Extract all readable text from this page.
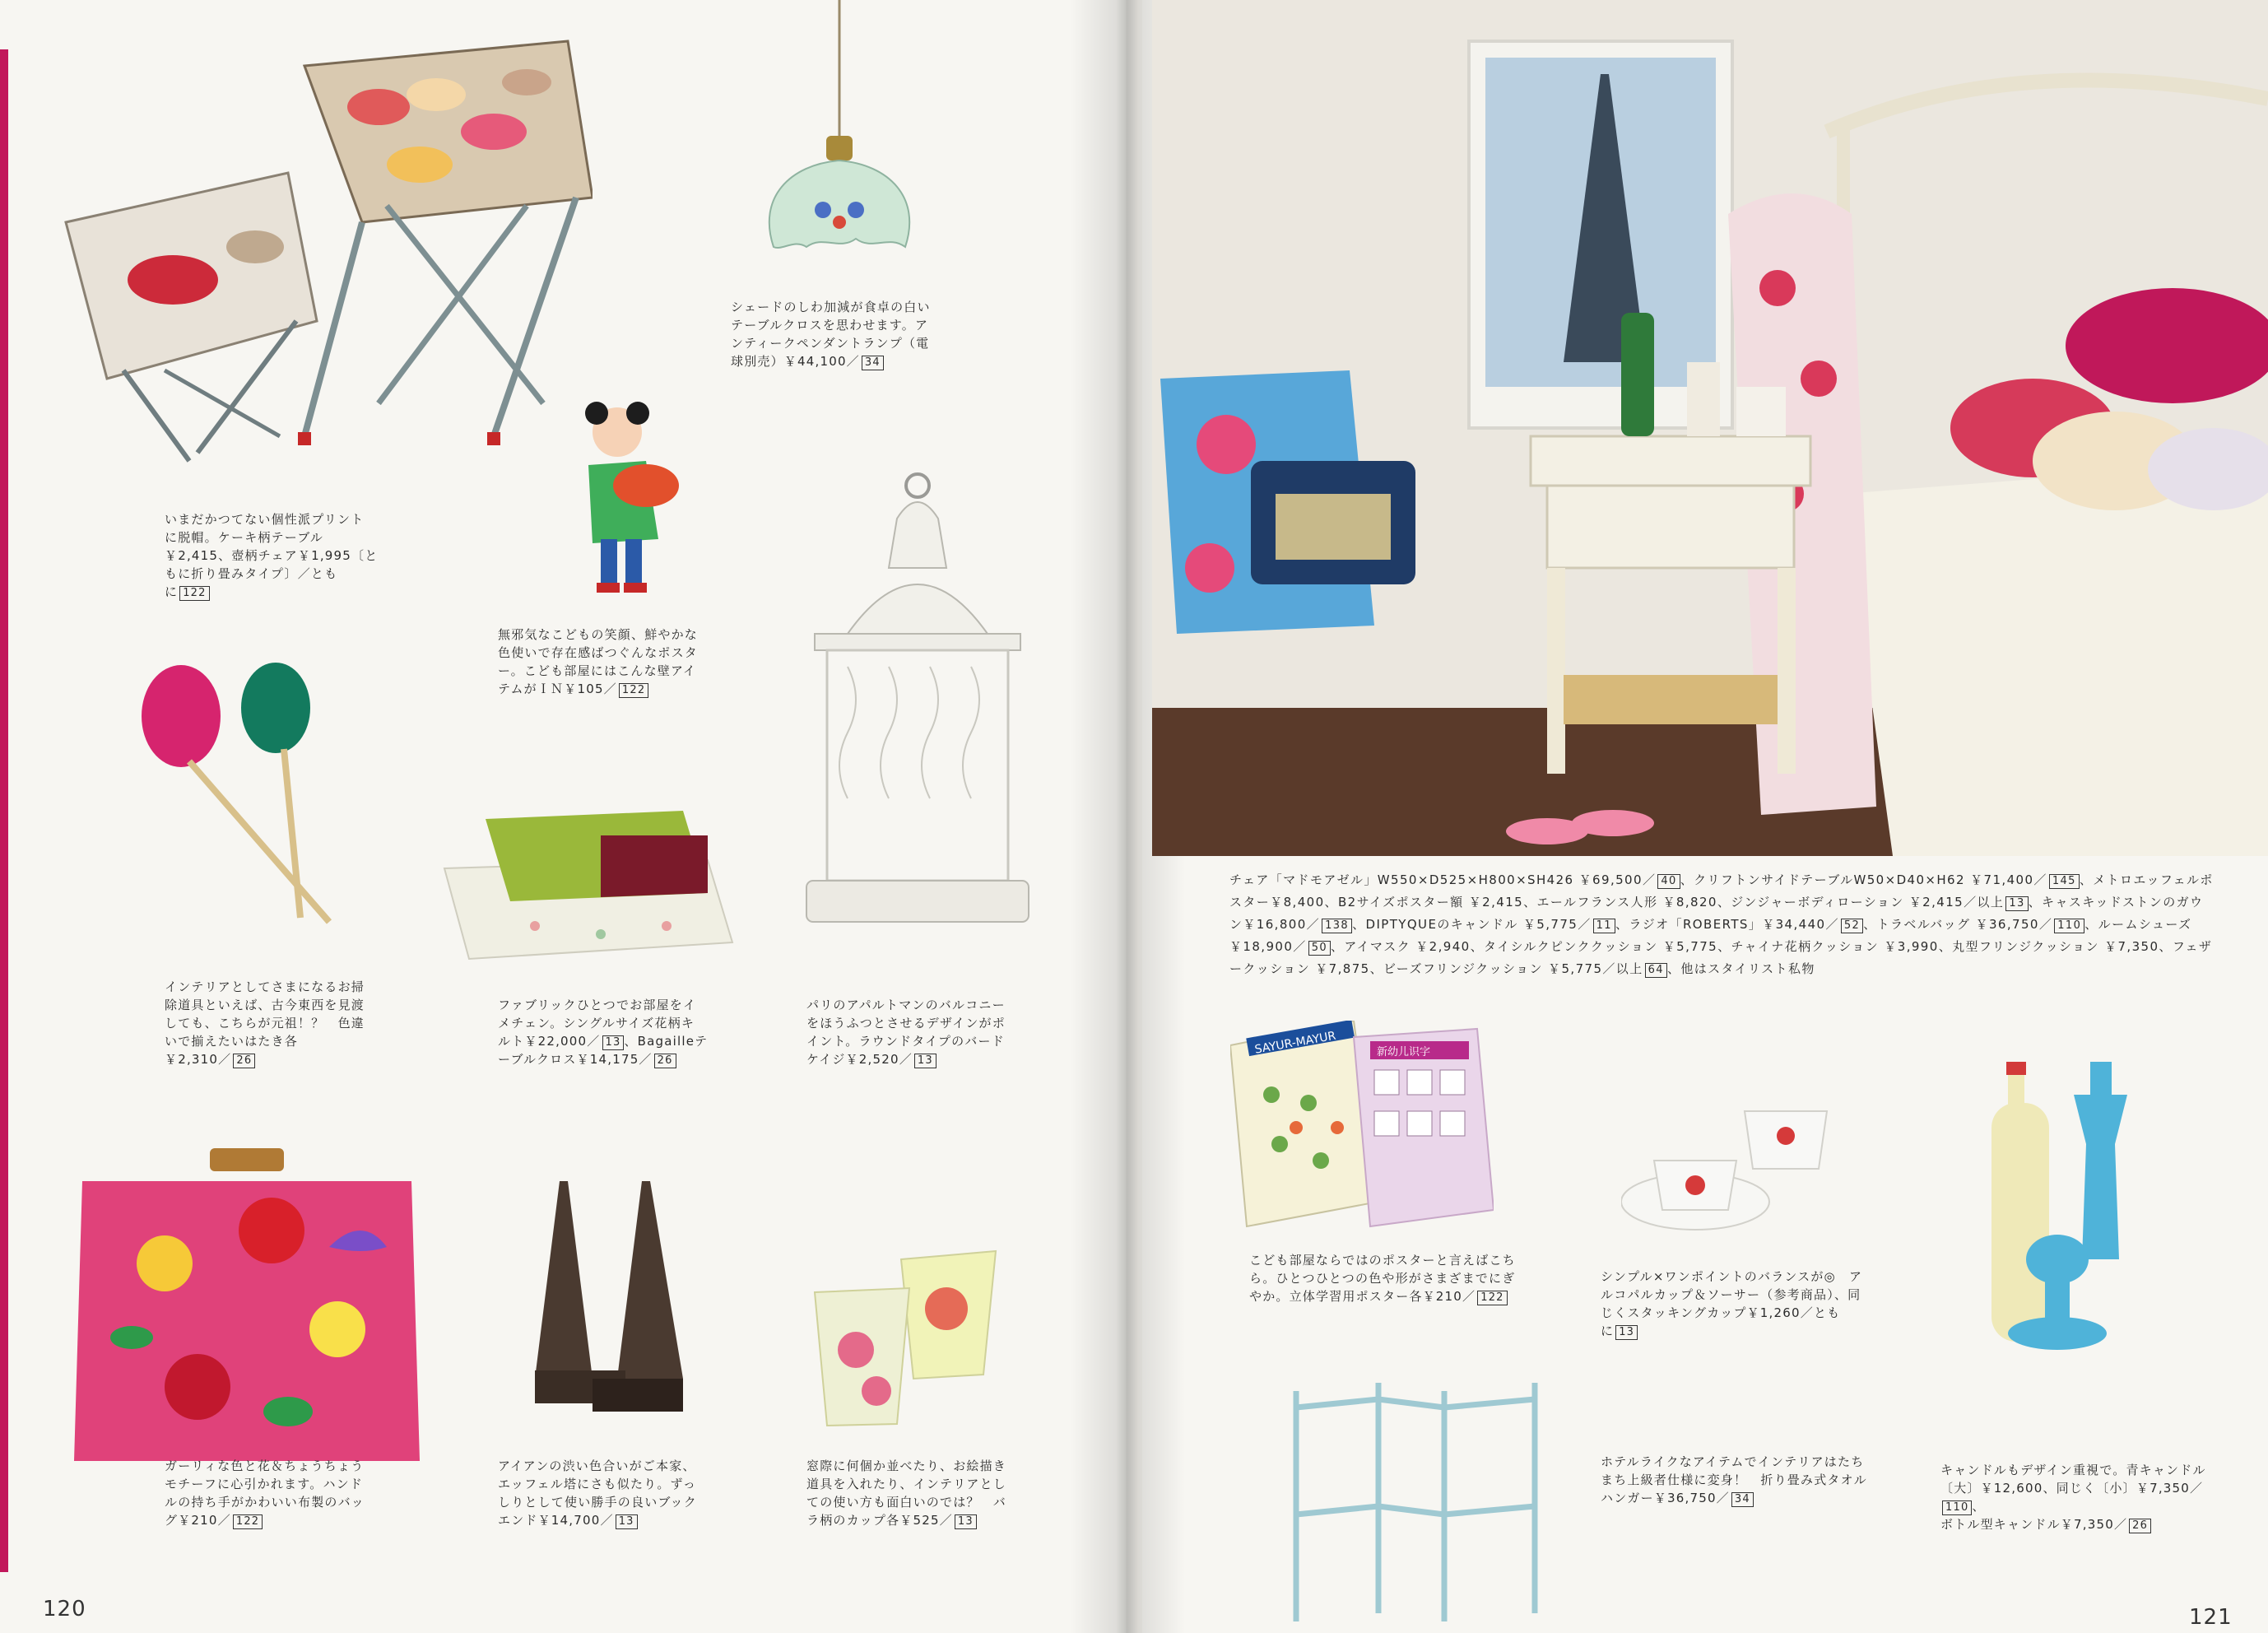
いまだかつてない個性派プリント
に脱帽。ケーキ柄テーブル
￥2,415、壺柄チェア￥1,995〔と
もに折り畳みタイプ〕／とも
に 122
シェードのしわ加減が食卓の白い
テーブルクロスを思わせます。ア
ンティークペンダントランプ（電
球別売）￥44,100／ 34
無邪気なこどもの笑顔、鮮やかな
色使いで存在感ばつぐんなポスタ
ー。こども部屋にはこんな壁アイ
テムがＩＮ￥105／ 122
インテリアとしてさまになるお掃
除道具といえば、古今東西を見渡
しても、こちらが元祖！？　色違
いで揃えたいはたき各
￥2,310／ 26
ファブリックひとつでお部屋をイ
メチェン。シングルサイズ花柄キ
ルト￥22,000／ 13 、Bagailleテ
ーブルクロス￥14,175／ 26
パリのアパルトマンのバルコニー
をほうふつとさせるデザインがポ
イント。ラウンドタイプのバード
ケイジ￥2,520／ 13
ガーリィな色と花＆ちょうちょう
モチーフに心引かれます。ハンド
ルの持ち手がかわいい布製のバッ
グ￥210／ 122
アイアンの渋い色合いがご本家、
エッフェル塔にさも似たり。ずっ
しりとして使い勝手の良いブック
エンド￥14,700／ 13
窓際に何個か並べたり、お絵描き
道具を入れたり、インテリアとし
ての使い方も面白いのでは？　バ
ラ柄のカップ各￥525／ 13
120
チェア「マドモアゼル」W550×D525×H800×SH426 ￥69,500／ 40 、クリフトンサイドテーブルW50×D40×H62 ￥71,400／ 145 、メトロエッフェルポスター￥8,400、B2サイズポスター額 ￥2,415、エールフランス人形 ￥8,820、ジンジャーボディローション ￥2,415／以上 13 、キャスキッドストンのガウン￥16,800／ 138 、DIPTYQUEのキャンドル ￥5,775／ 11 、ラジオ「ROBERTS」￥34,440／ 52 、トラベルバッグ ￥36,750／ 110 、ルームシューズ ￥18,900／ 50 、アイマスク ￥2,940、タイシルクピンククッション ￥5,775、チャイナ花柄クッション ￥3,990、丸型フリンジクッション ￥7,350、フェザークッション ￥7,875、ビーズフリンジクッション ￥5,775／以上 64 、他はスタイリスト私物
SAYUR-MAYUR	新幼儿识字
こども部屋ならではのポスターと言えばこち
ら。ひとつひとつの色や形がさまざまでにぎ
やか。立体学習用ポスター各￥210／ 122
シンプル×ワンポイントのバランスが◎　ア
ルコパルカップ＆ソーサー（参考商品）、同
じくスタッキングカップ￥1,260／とも
に 13
ホテルライクなアイテムでインテリアはたち
まち上級者仕様に変身！　折り畳み式タオル
ハンガー￥36,750／ 34
キャンドルもデザイン重視で。青キャンドル
〔大〕￥12,600、同じく〔小〕￥7,350／110 、
ボトル型キャンドル￥7,350／ 26
121
